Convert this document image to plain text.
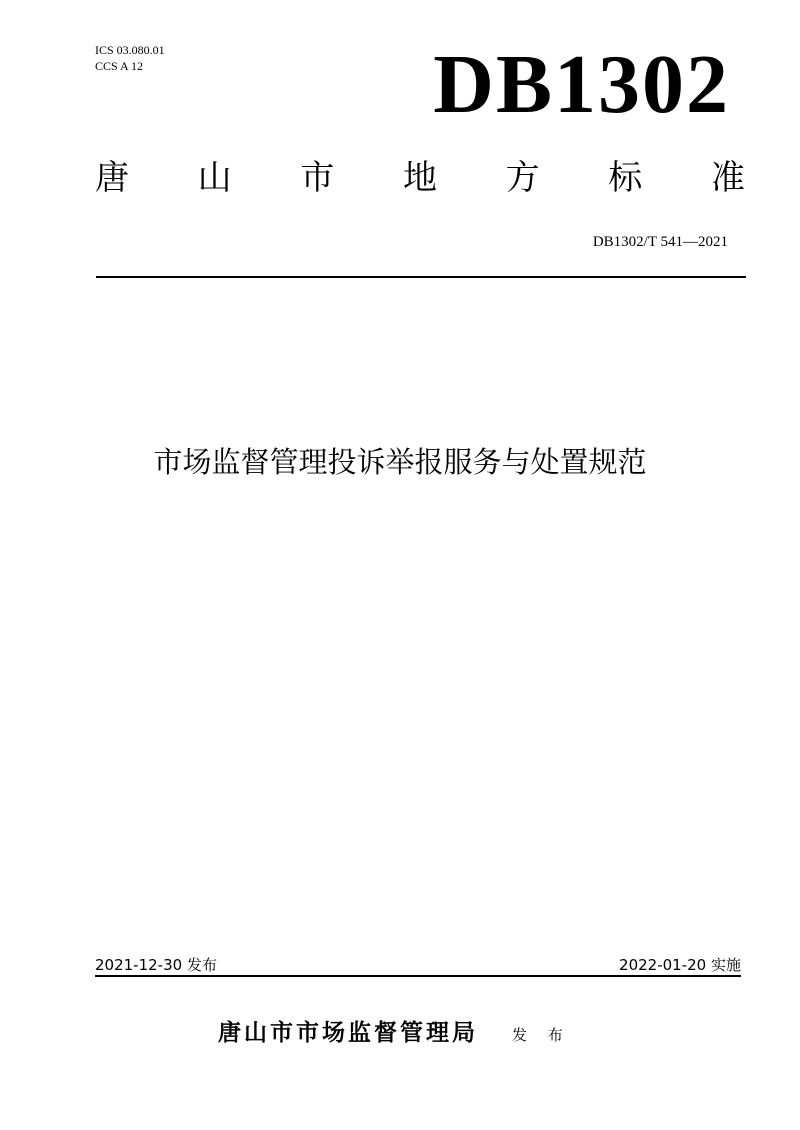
ICS 03.080.01
CCS A 12	DB1302
唐 山 市 地 方 标 准
DB1302/T 541—2021
市场监督管理投诉举报服务与处置规范
2021-12-30 发布	2022-01-20 实施
唐山市市场监督管理局 发 布
